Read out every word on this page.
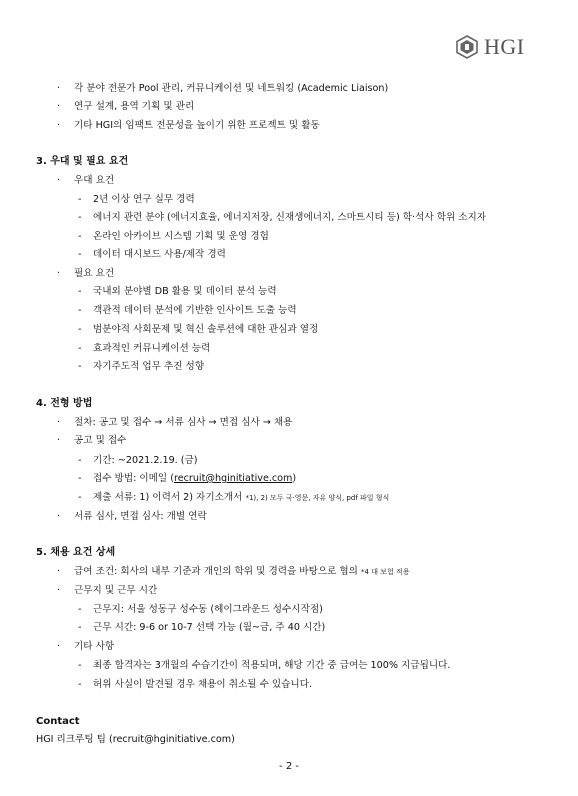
HGI
· 각 분야 전문가 Pool 관리, 커뮤니케이션 및 네트워킹 (Academic Liaison)
· 연구 설계, 용역 기획 및 관리
· 기타 HGI의 임팩트 전문성을 높이기 위한 프로젝트 및 활동
3. 우대 및 필요 요건
· 우대 요건
- 2년 이상 연구 실무 경력
- 에너지 관련 분야 (에너지효율, 에너지저장, 신재생에너지, 스마트시티 등) 학·석사 학위 소지자
- 온라인 아카이브 시스템 기획 및 운영 경험
- 데이터 대시보드 사용/제작 경력
· 필요 요건
- 국내외 분야별 DB 활용 및 데이터 분석 능력
- 객관적 데이터 분석에 기반한 인사이트 도출 능력
- 범분야적 사회문제 및 혁신 솔루션에 대한 관심과 열정
- 효과적인 커뮤니케이션 능력
- 자기주도적 업무 추진 성향
4. 전형 방법
· 절차: 공고 및 접수 → 서류 심사 → 면접 심사 → 채용
· 공고 및 접수
- 기간: ~2021.2.19. (금)
- 접수 방법: 이메일 (recruit@hginitiative.com)
- 제출 서류: 1) 이력서 2) 자기소개서 *1), 2) 모두 국·영문, 자유 양식, pdf 파일 형식
· 서류 심사, 면접 심사: 개별 연락
5. 채용 요건 상세
· 급여 조건: 회사의 내부 기준과 개인의 학위 및 경력을 바탕으로 협의 *4 대 보험 적용
· 근무지 및 근무 시간
- 근무지: 서울 성동구 성수동 (헤이그라운드 성수시작점)
- 근무 시간: 9-6 or 10-7 선택 가능 (월~금, 주 40 시간)
· 기타 사항
- 최종 합격자는 3개월의 수습기간이 적용되며, 해당 기간 중 급여는 100% 지급됩니다.
- 허위 사실이 발견될 경우 채용이 취소될 수 있습니다.
Contact
HGI 리크루팅 팀 (recruit@hginitiative.com)
- 2 -
